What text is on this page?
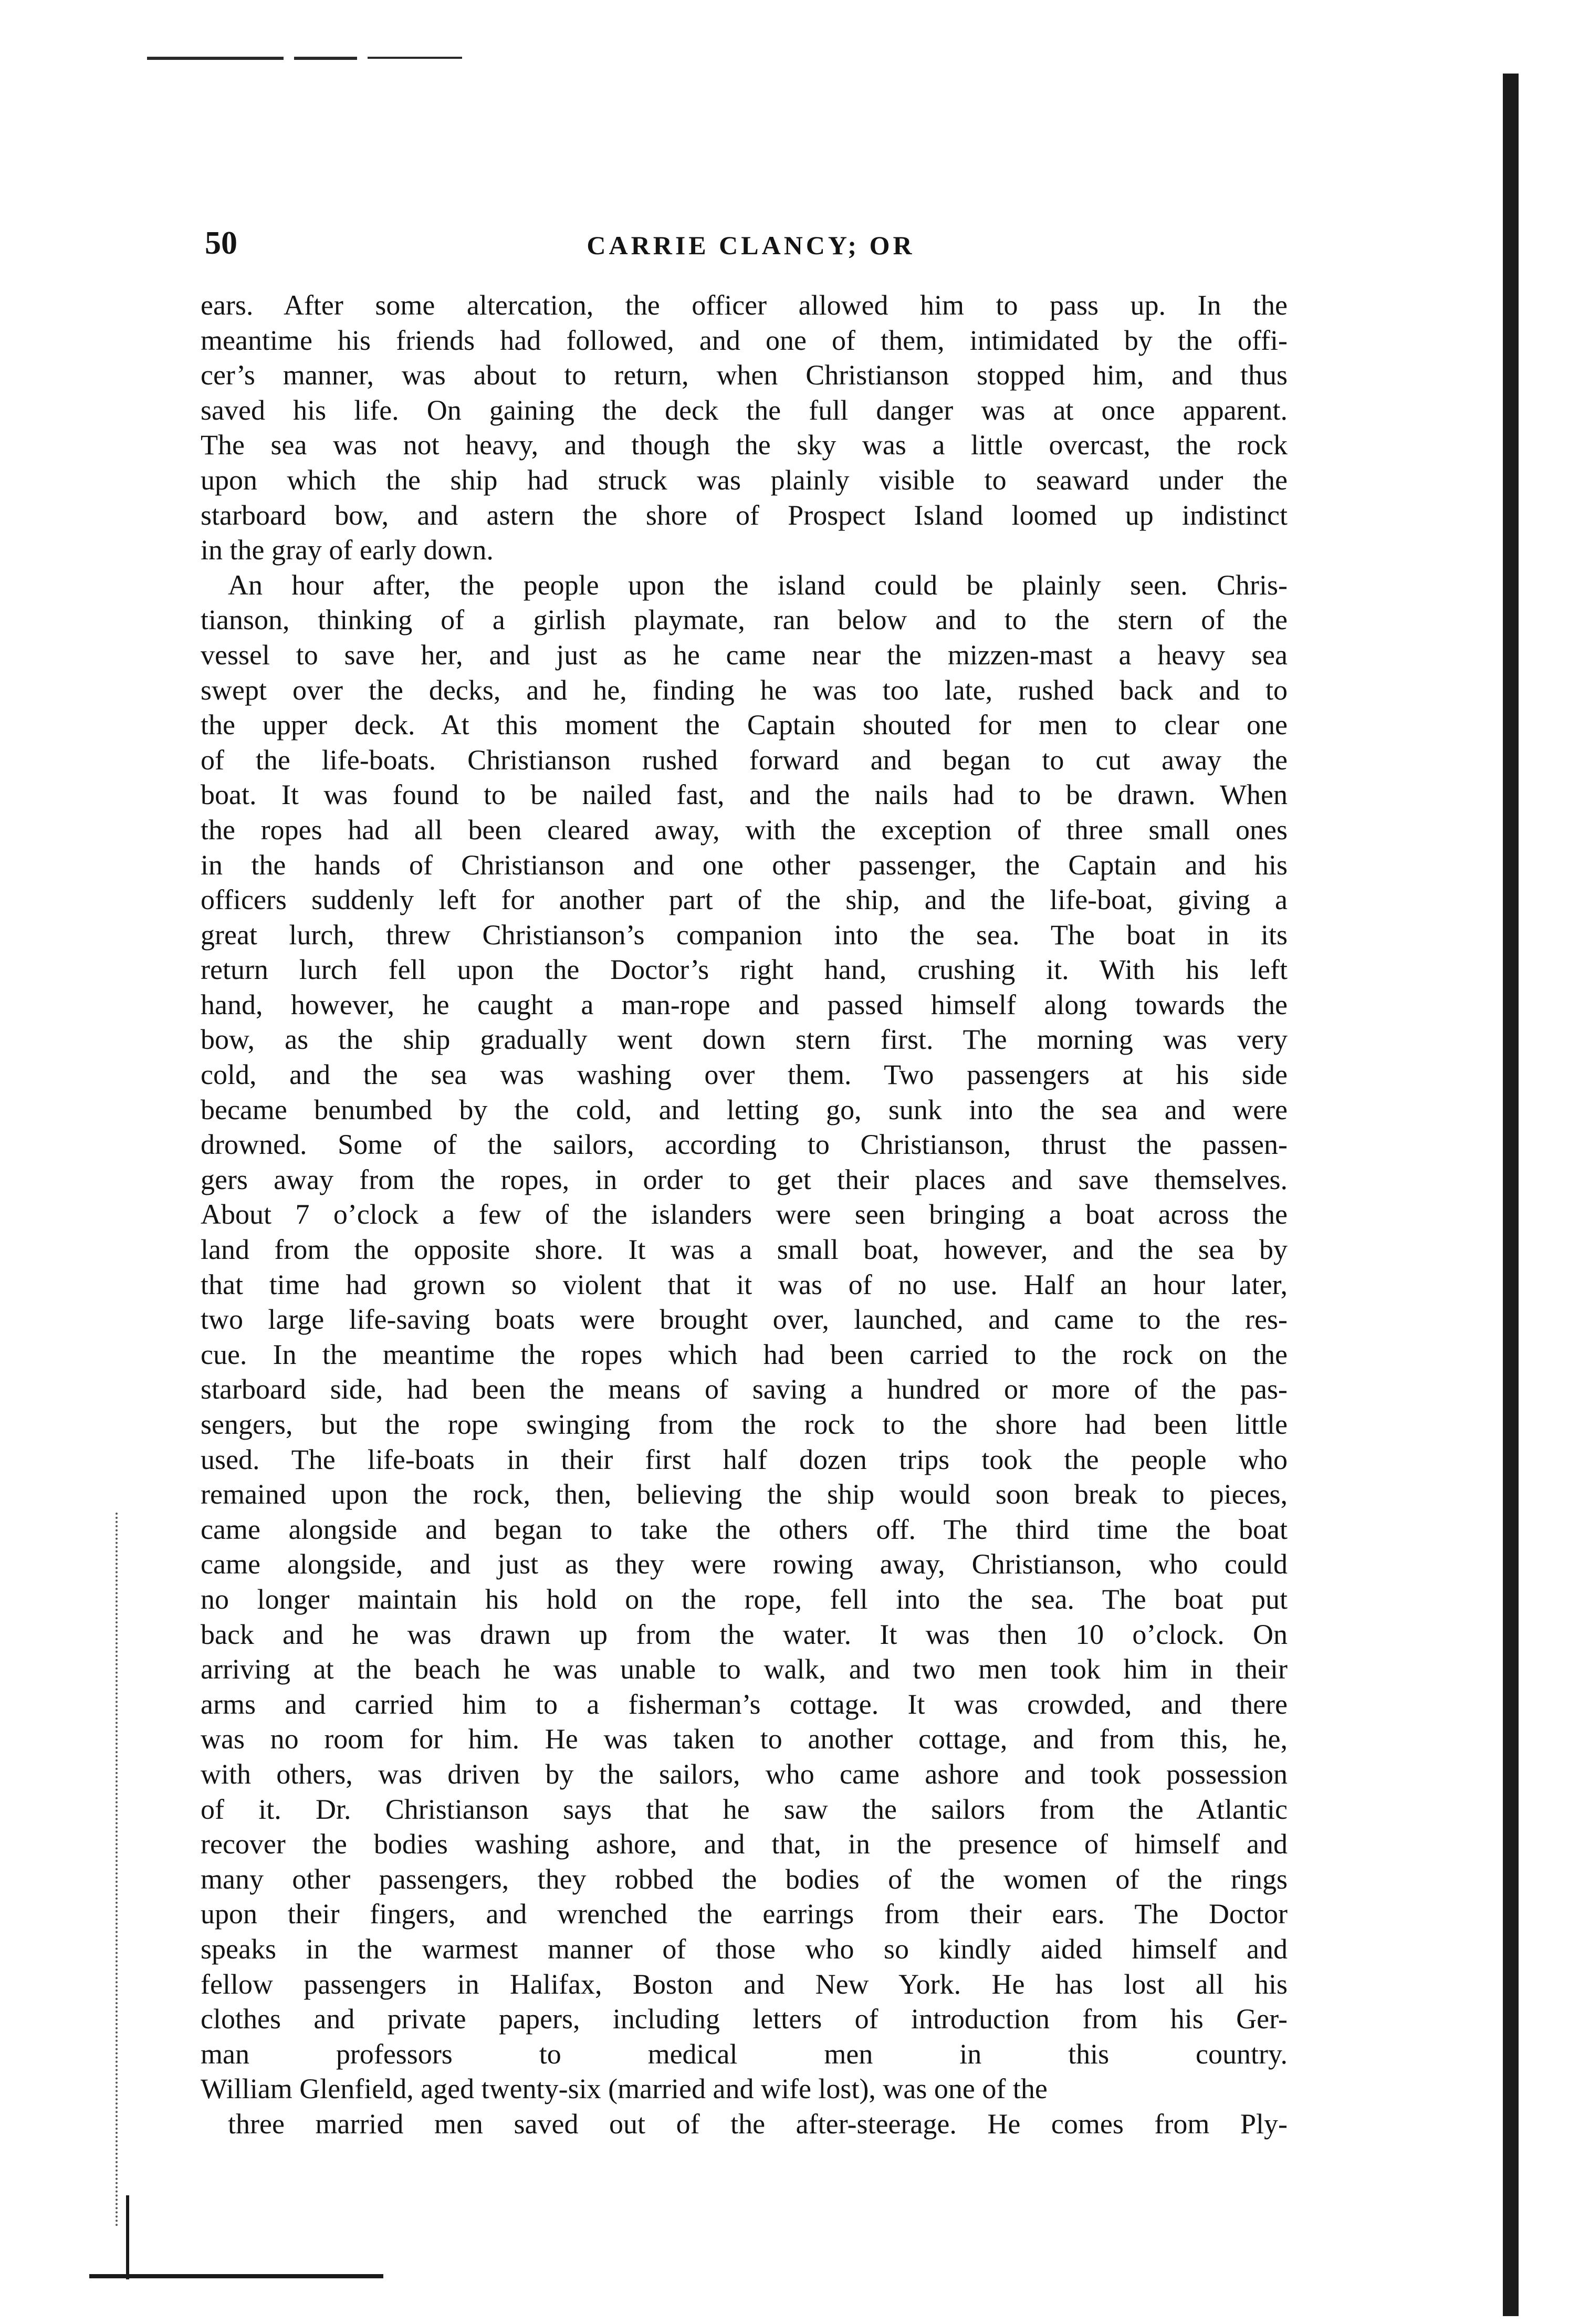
50	CARRIE CLANCY; OR
ears. After some altercation, the officer allowed him to pass up. In the
meantime his friends had followed, and one of them, intimidated by the offi-
cer’s manner, was about to return, when Christianson stopped him, and thus
saved his life. On gaining the deck the full danger was at once apparent.
The sea was not heavy, and though the sky was a little overcast, the rock
upon which the ship had struck was plainly visible to seaward under the
starboard bow, and astern the shore of Prospect Island loomed up indistinct
in the gray of early down.
An hour after, the people upon the island could be plainly seen. Chris-
tianson, thinking of a girlish playmate, ran below and to the stern of the
vessel to save her, and just as he came near the mizzen-mast a heavy sea
swept over the decks, and he, finding he was too late, rushed back and to
the upper deck. At this moment the Captain shouted for men to clear one
of the life-boats. Christianson rushed forward and began to cut away the
boat. It was found to be nailed fast, and the nails had to be drawn. When
the ropes had all been cleared away, with the exception of three small ones
in the hands of Christianson and one other passenger, the Captain and his
officers suddenly left for another part of the ship, and the life-boat, giving a
great lurch, threw Christianson’s companion into the sea. The boat in its
return lurch fell upon the Doctor’s right hand, crushing it. With his left
hand, however, he caught a man-rope and passed himself along towards the
bow, as the ship gradually went down stern first. The morning was very
cold, and the sea was washing over them. Two passengers at his side
became benumbed by the cold, and letting go, sunk into the sea and were
drowned. Some of the sailors, according to Christianson, thrust the passen-
gers away from the ropes, in order to get their places and save themselves.
About 7 o’clock a few of the islanders were seen bringing a boat across the
land from the opposite shore. It was a small boat, however, and the sea by
that time had grown so violent that it was of no use. Half an hour later,
two large life-saving boats were brought over, launched, and came to the res-
cue. In the meantime the ropes which had been carried to the rock on the
starboard side, had been the means of saving a hundred or more of the pas-
sengers, but the rope swinging from the rock to the shore had been little
used. The life-boats in their first half dozen trips took the people who
remained upon the rock, then, believing the ship would soon break to pieces,
came alongside and began to take the others off. The third time the boat
came alongside, and just as they were rowing away, Christianson, who could
no longer maintain his hold on the rope, fell into the sea. The boat put
back and he was drawn up from the water. It was then 10 o’clock. On
arriving at the beach he was unable to walk, and two men took him in their
arms and carried him to a fisherman’s cottage. It was crowded, and there
was no room for him. He was taken to another cottage, and from this, he,
with others, was driven by the sailors, who came ashore and took possession
of it. Dr. Christianson says that he saw the sailors from the Atlantic
recover the bodies washing ashore, and that, in the presence of himself and
many other passengers, they robbed the bodies of the women of the rings
upon their fingers, and wrenched the earrings from their ears. The Doctor
speaks in the warmest manner of those who so kindly aided himself and
fellow passengers in Halifax, Boston and New York. He has lost all his
clothes and private papers, including letters of introduction from his Ger-
man professors to medical men in this country.
William Glenfield, aged twenty-six (married and wife lost), was one of the
three married men saved out of the after-steerage. He comes from Ply-
